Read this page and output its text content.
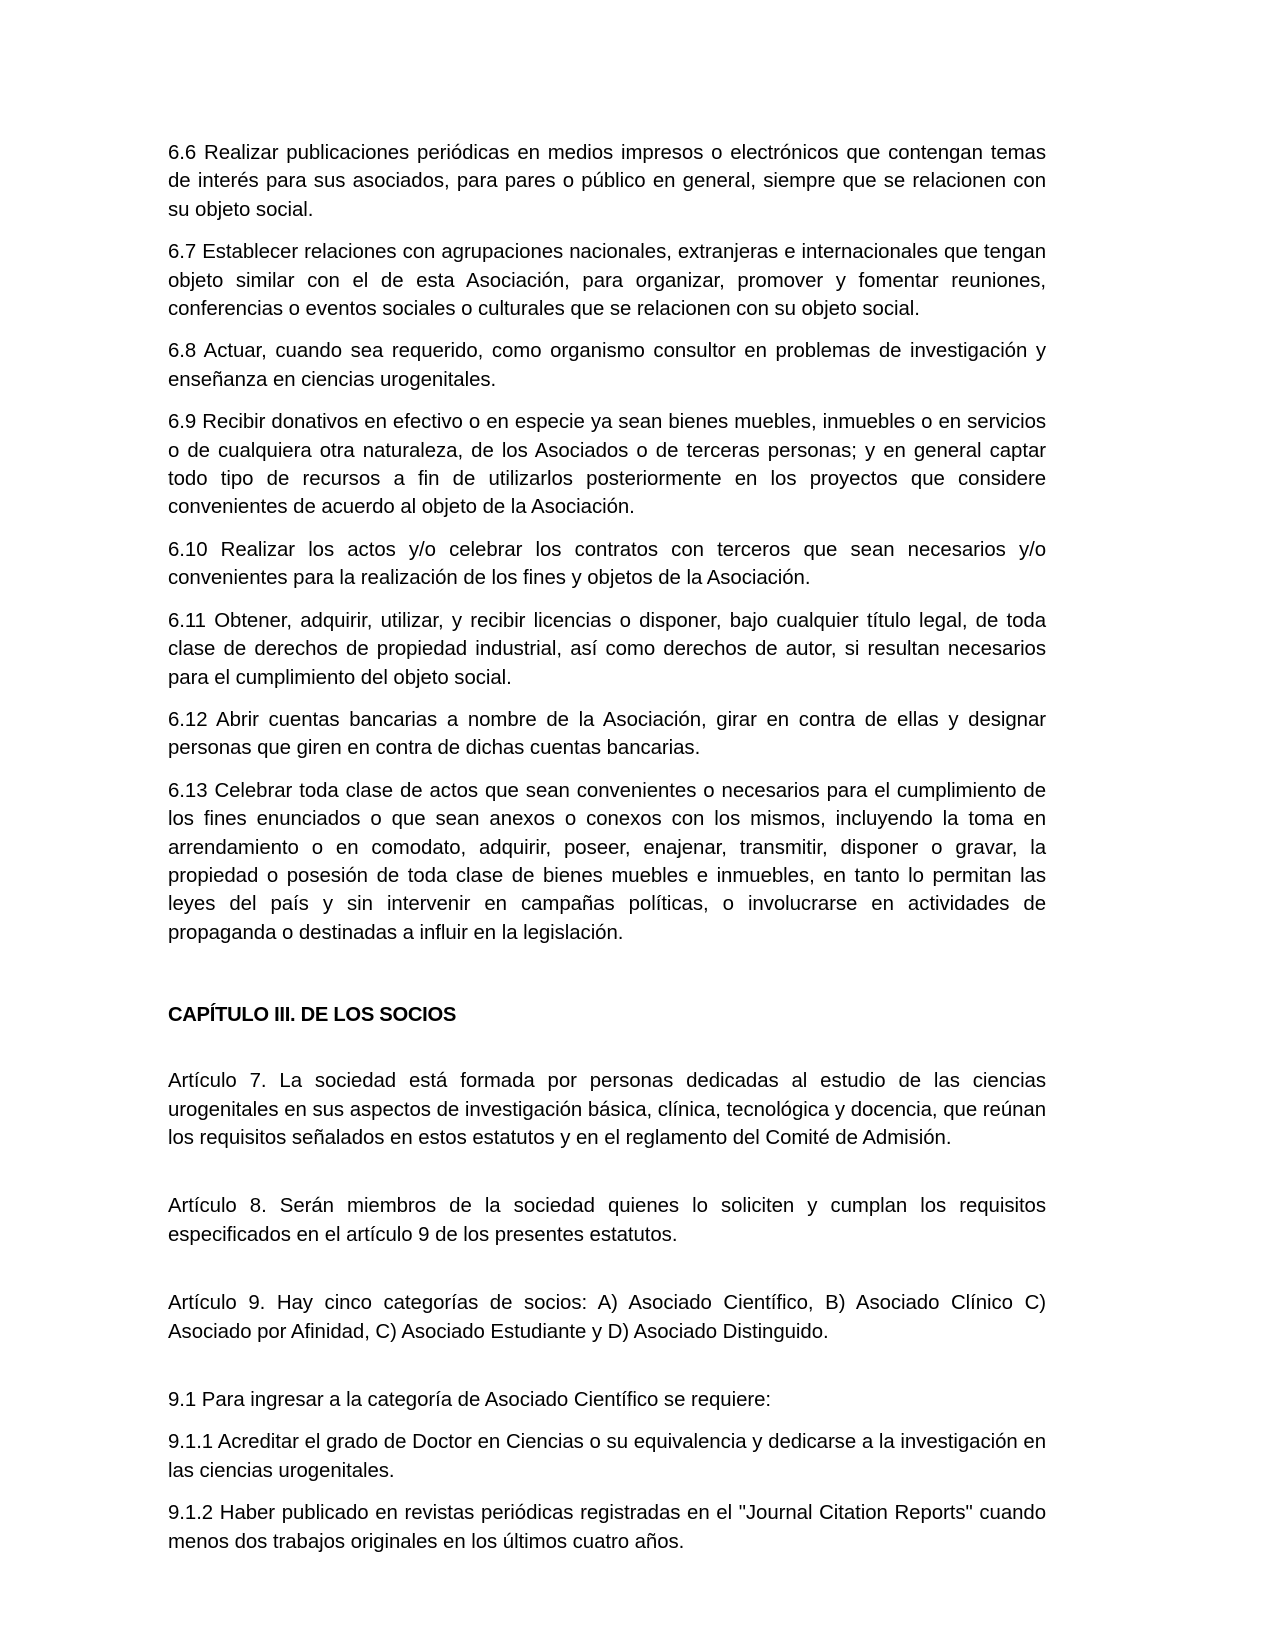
6.6 Realizar publicaciones periódicas en medios impresos o electrónicos que contengan temas de interés para sus asociados, para pares o público en general, siempre que se relacionen con su objeto social.

6.7 Establecer relaciones con agrupaciones nacionales, extranjeras e internacionales que tengan objeto similar con el de esta Asociación, para organizar, promover y fomentar reuniones, conferencias o eventos sociales o culturales que se relacionen con su objeto social.

6.8 Actuar, cuando sea requerido, como organismo consultor en problemas de investigación y enseñanza en ciencias urogenitales.

6.9 Recibir donativos en efectivo o en especie ya sean bienes muebles, inmuebles o en servicios o de cualquiera otra naturaleza, de los Asociados o de terceras personas; y en general captar todo tipo de recursos a fin de utilizarlos posteriormente en los proyectos que considere convenientes de acuerdo al objeto de la Asociación.

6.10 Realizar los actos y/o celebrar los contratos con terceros que sean necesarios y/o convenientes para la realización de los fines y objetos de la Asociación.

6.11 Obtener, adquirir, utilizar, y recibir licencias o disponer, bajo cualquier título legal, de toda clase de derechos de propiedad industrial, así como derechos de autor, si resultan necesarios para el cumplimiento del objeto social.

6.12 Abrir cuentas bancarias a nombre de la Asociación, girar en contra de ellas y designar personas que giren en contra de dichas cuentas bancarias.

6.13 Celebrar toda clase de actos que sean convenientes o necesarios para el cumplimiento de los fines enunciados o que sean anexos o conexos con los mismos, incluyendo la toma en arrendamiento o en comodato, adquirir, poseer, enajenar, transmitir, disponer o gravar, la propiedad o posesión de toda clase de bienes muebles e inmuebles, en tanto lo permitan las leyes del país y sin intervenir en campañas políticas, o involucrarse en actividades de propaganda o destinadas a influir en la legislación.

CAPÍTULO III. DE LOS SOCIOS

Artículo 7. La sociedad está formada por personas dedicadas al estudio de las ciencias urogenitales en sus aspectos de investigación básica, clínica, tecnológica y docencia, que reúnan los requisitos señalados en estos estatutos y en el reglamento del Comité de Admisión.

Artículo 8. Serán miembros de la sociedad quienes lo soliciten y cumplan los requisitos especificados en el artículo 9 de los presentes estatutos.

Artículo 9. Hay cinco categorías de socios: A) Asociado Científico, B) Asociado Clínico C) Asociado por Afinidad, C) Asociado Estudiante y D) Asociado Distinguido.

9.1 Para ingresar a la categoría de Asociado Científico se requiere:

9.1.1 Acreditar el grado de Doctor en Ciencias o su equivalencia y dedicarse a la investigación en las ciencias urogenitales.

9.1.2 Haber publicado en revistas periódicas registradas en el "Journal Citation Reports" cuando menos dos trabajos originales en los últimos cuatro años.
